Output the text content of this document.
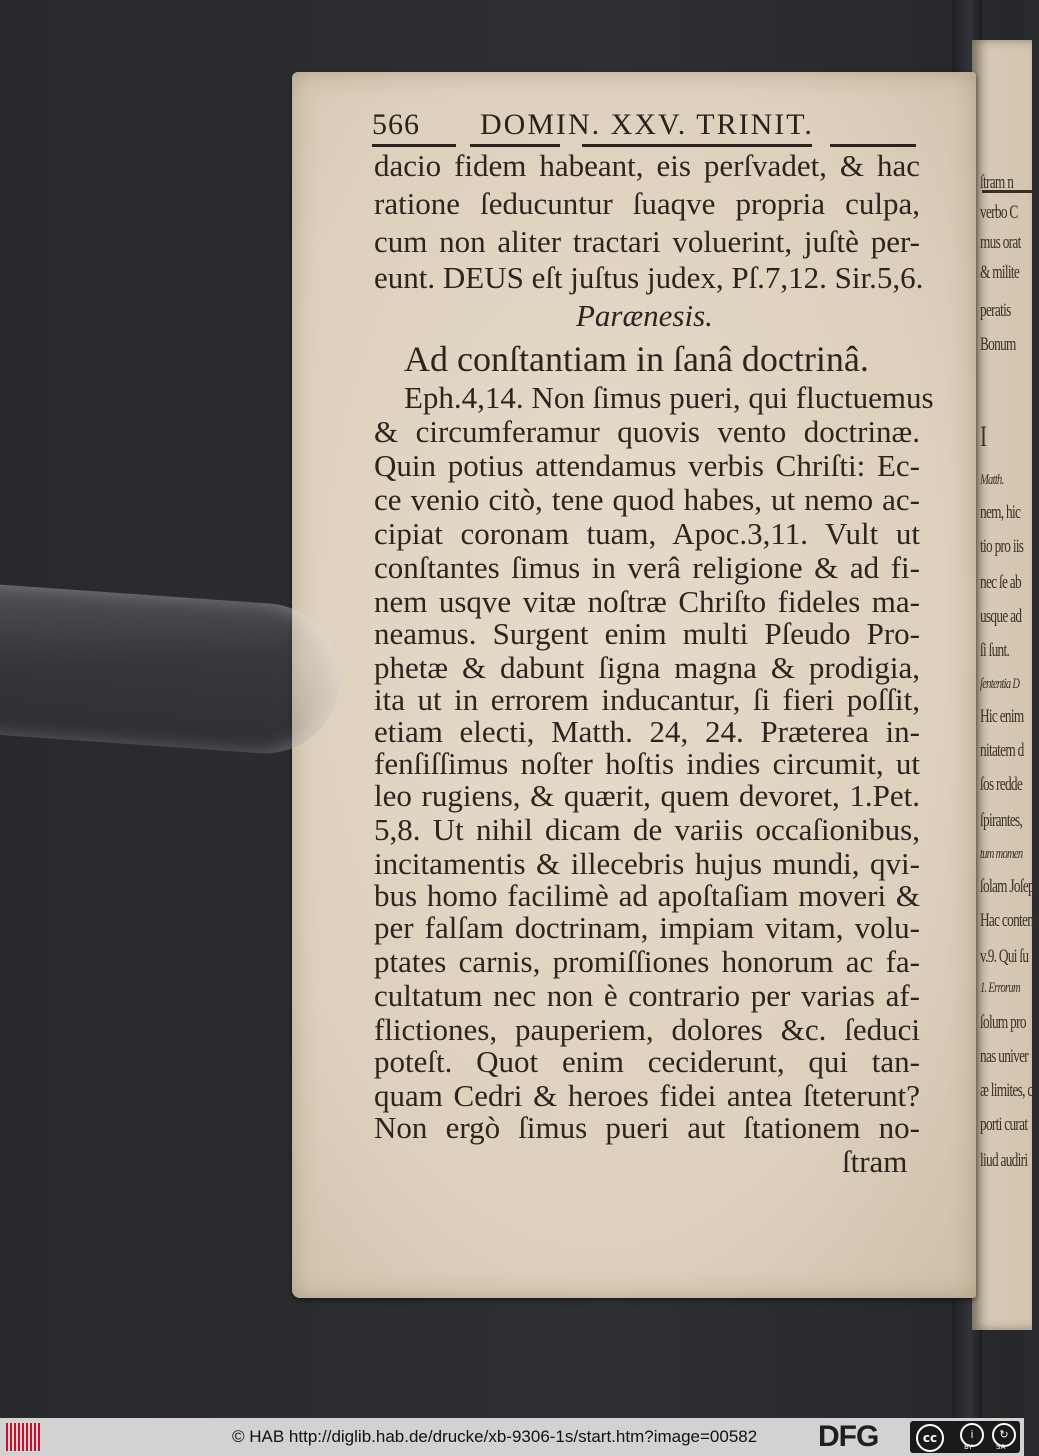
ſtram n
verbo C
mus orat
& milite
peratis
Bonum
I
Matth.
nem, hic
tio pro iis
nec ſe ab
usque ad
ſi ſunt.
ſententia D
Hic enim
nitatem d
ſos redde
ſpirantes,
tum momen
ſolam Joſep
Hac contenti
v.9. Qui ſu
1. Errorum
ſolum pro
nas univer
æ limites, c
porti curat
liud audiri
566 DOMIN. XXV. TRINIT.
dacio fidem habeant, eis perſvadet, & hac
ratione ſeducuntur ſuaqve propria culpa,
cum non aliter tractari voluerint, juſtè per-
eunt. DEUS eſt juſtus judex, Pſ.7,12. Sir.5,6.
Parænesis.
Ad conſtantiam in ſanâ doctrinâ.
Eph.4,14. Non ſimus pueri, qui fluctuemus
& circumferamur quovis vento doctrinæ.
Quin potius attendamus verbis Chriſti: Ec-
ce venio citò, tene quod habes, ut nemo ac-
cipiat coronam tuam, Apoc.3,11. Vult ut
conſtantes ſimus in verâ religione & ad fi-
nem usqve vitæ noſtræ Chriſto fideles ma-
neamus. Surgent enim multi Pſeudo Pro-
phetæ & dabunt ſigna magna & prodigia,
ita ut in errorem inducantur, ſi fieri poſſit,
etiam electi, Matth. 24, 24. Præterea in-
fenſiſſimus noſter hoſtis indies circumit, ut
leo rugiens, & quærit, quem devoret, 1.Pet.
5,8. Ut nihil dicam de variis occaſionibus,
incitamentis & illecebris hujus mundi, qvi-
bus homo facilimè ad apoſtaſiam moveri &
per falſam doctrinam, impiam vitam, volu-
ptates carnis, promiſſiones honorum ac fa-
cultatum nec non è contrario per varias af-
flictiones, pauperiem, dolores &c. ſeduci
poteſt. Quot enim ceciderunt, qui tan-
quam Cedri & heroes fidei antea ſteterunt?
Non ergò ſimus pueri aut ſtationem no-
ſtram
© HAB http://diglib.hab.de/drucke/xb-9306-1s/start.htm?image=00582 DFG	cc	i	↻
BY	SA
